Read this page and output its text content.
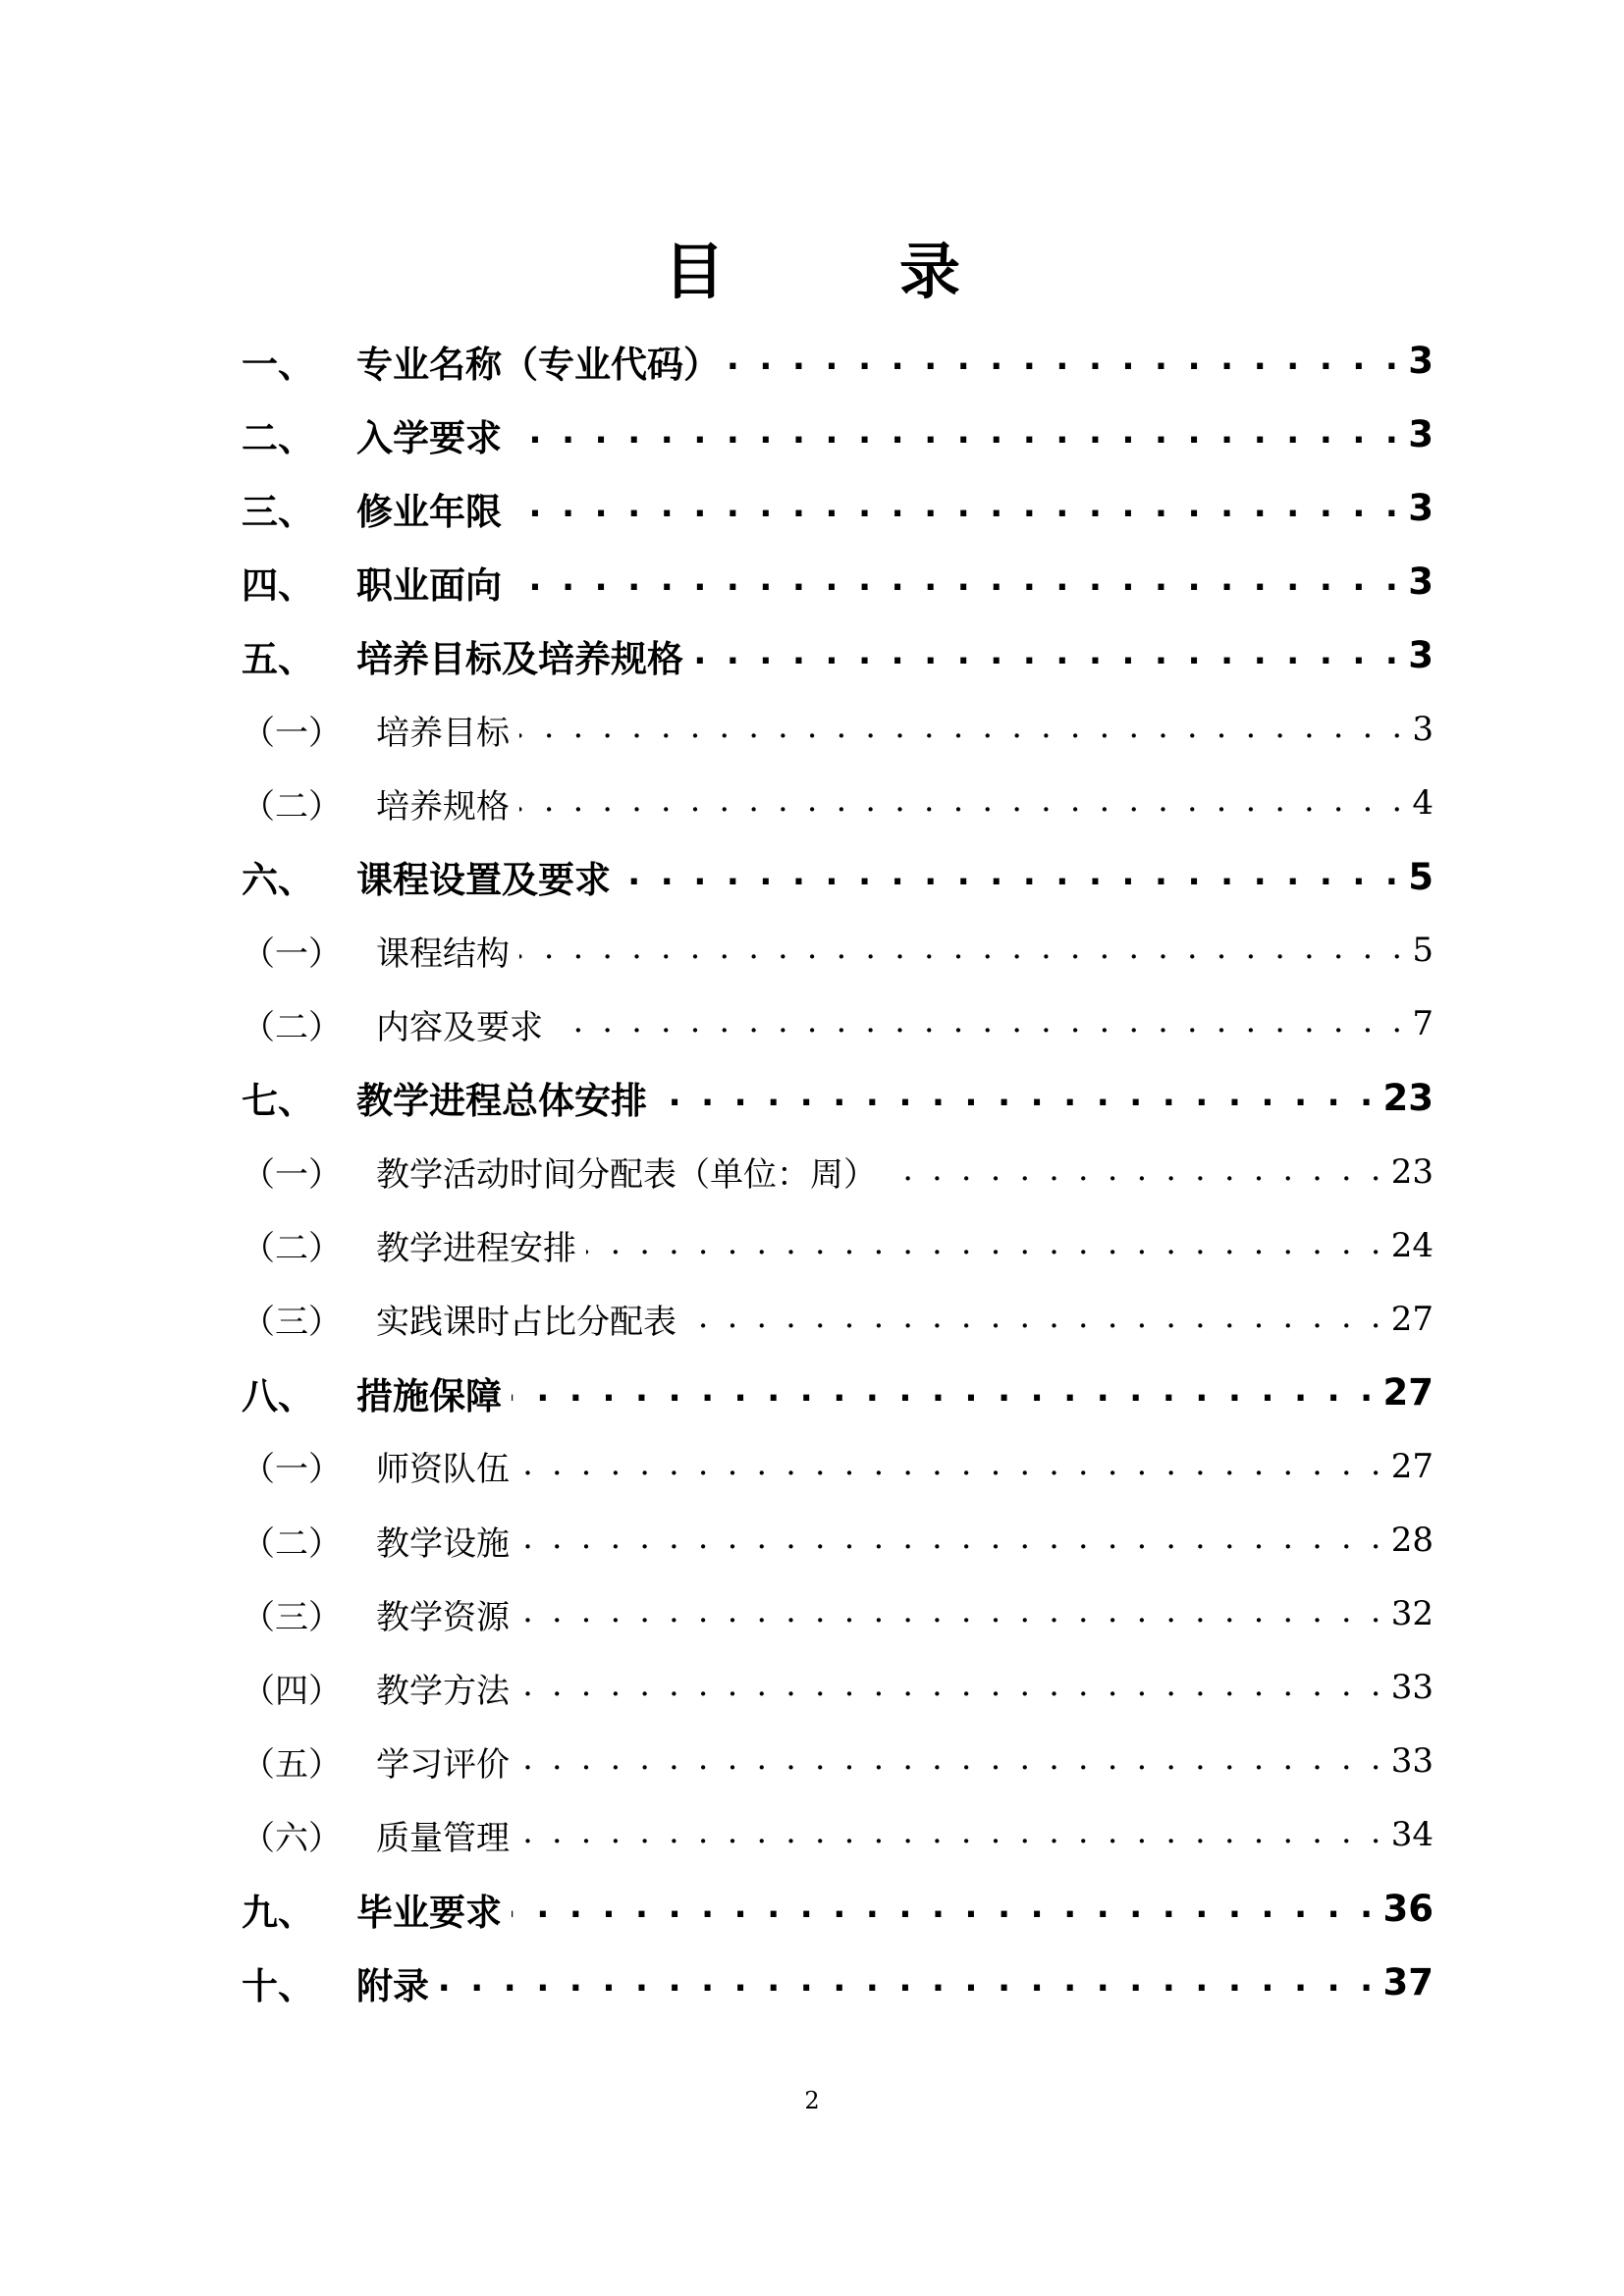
目　录
一、	专业名称（专业代码） . . .	3
二、	入学要求 . . .	3
三、	修业年限 . . .	3
四、	职业面向 . . .	3
五、	培养目标及培养规格 . . .	3
（一）	培养目标 . . .	3
（二）	培养规格 . . .	4
六、	课程设置及要求 . . .	5
（一）	课程结构 . . .	5
（二）	内容及要求 . . .	7
七、	教学进程总体安排 . . .	23
（一）	教学活动时间分配表（单位：周） . . .	23
（二）	教学进程安排 . . .	24
（三）	实践课时占比分配表 . . .	27
八、	措施保障 . . .	27
（一）	师资队伍 . . .	27
（二）	教学设施 . . .	28
（三）	教学资源 . . .	32
（四）	教学方法 . . .	33
（五）	学习评价 . . .	33
（六）	质量管理 . . .	34
九、	毕业要求 . . .	36
十、	附录 . . .	37
2
